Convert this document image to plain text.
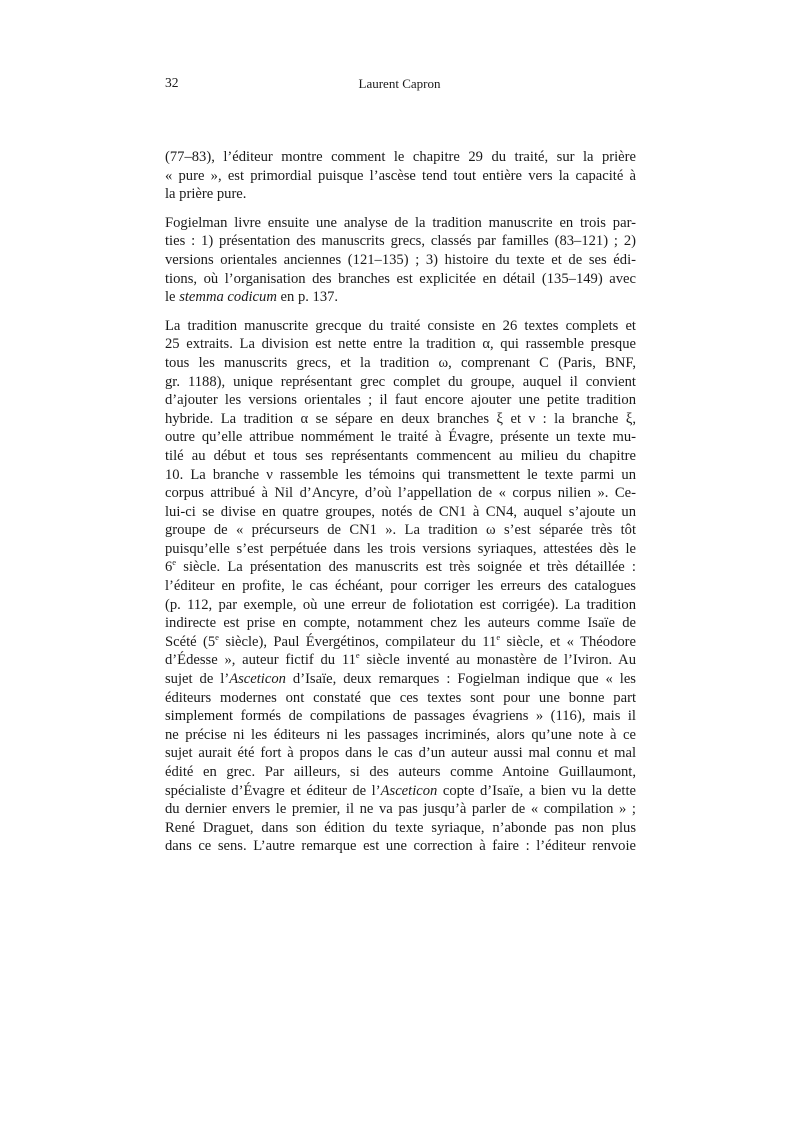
32	Laurent Capron
(77–83), l’éditeur montre comment le chapitre 29 du traité, sur la prière
« pure », est primordial puisque l’ascèse tend tout entière vers la capacité à
la prière pure.
Fogielman livre ensuite une analyse de la tradition manuscrite en trois par-
ties : 1) présentation des manuscrits grecs, classés par familles (83–121) ; 2)
versions orientales anciennes (121–135) ; 3) histoire du texte et de ses édi-
tions, où l’organisation des branches est explicitée en détail (135–149) avec
le stemma codicum en p. 137.
La tradition manuscrite grecque du traité consiste en 26 textes complets et
25 extraits. La division est nette entre la tradition α, qui rassemble presque
tous les manuscrits grecs, et la tradition ω, comprenant C (Paris, BNF,
gr. 1188), unique représentant grec complet du groupe, auquel il convient
d’ajouter les versions orientales ; il faut encore ajouter une petite tradition
hybride. La tradition α se sépare en deux branches ξ et ν : la branche ξ,
outre qu’elle attribue nommément le traité à Évagre, présente un texte mu-
tilé au début et tous ses représentants commencent au milieu du chapitre
10. La branche ν rassemble les témoins qui transmettent le texte parmi un
corpus attribué à Nil d’Ancyre, d’où l’appellation de « corpus nilien ». Ce-
lui-ci se divise en quatre groupes, notés de CN1 à CN4, auquel s’ajoute un
groupe de « précurseurs de CN1 ». La tradition ω s’est séparée très tôt
puisqu’elle s’est perpétuée dans les trois versions syriaques, attestées dès le
6e siècle. La présentation des manuscrits est très soignée et très détaillée :
l’éditeur en profite, le cas échéant, pour corriger les erreurs des catalogues
(p. 112, par exemple, où une erreur de foliotation est corrigée). La tradition
indirecte est prise en compte, notamment chez les auteurs comme Isaïe de
Scété (5e siècle), Paul Évergétinos, compilateur du 11e siècle, et « Théodore
d’Édesse », auteur fictif du 11e siècle inventé au monastère de l’Iviron. Au
sujet de l’Asceticon d’Isaïe, deux remarques : Fogielman indique que « les
éditeurs modernes ont constaté que ces textes sont pour une bonne part
simplement formés de compilations de passages évagriens » (116), mais il
ne précise ni les éditeurs ni les passages incriminés, alors qu’une note à ce
sujet aurait été fort à propos dans le cas d’un auteur aussi mal connu et mal
édité en grec. Par ailleurs, si des auteurs comme Antoine Guillaumont,
spécialiste d’Évagre et éditeur de l’Asceticon copte d’Isaïe, a bien vu la dette
du dernier envers le premier, il ne va pas jusqu’à parler de « compilation » ;
René Draguet, dans son édition du texte syriaque, n’abonde pas non plus
dans ce sens. L’autre remarque est une correction à faire : l’éditeur renvoie
